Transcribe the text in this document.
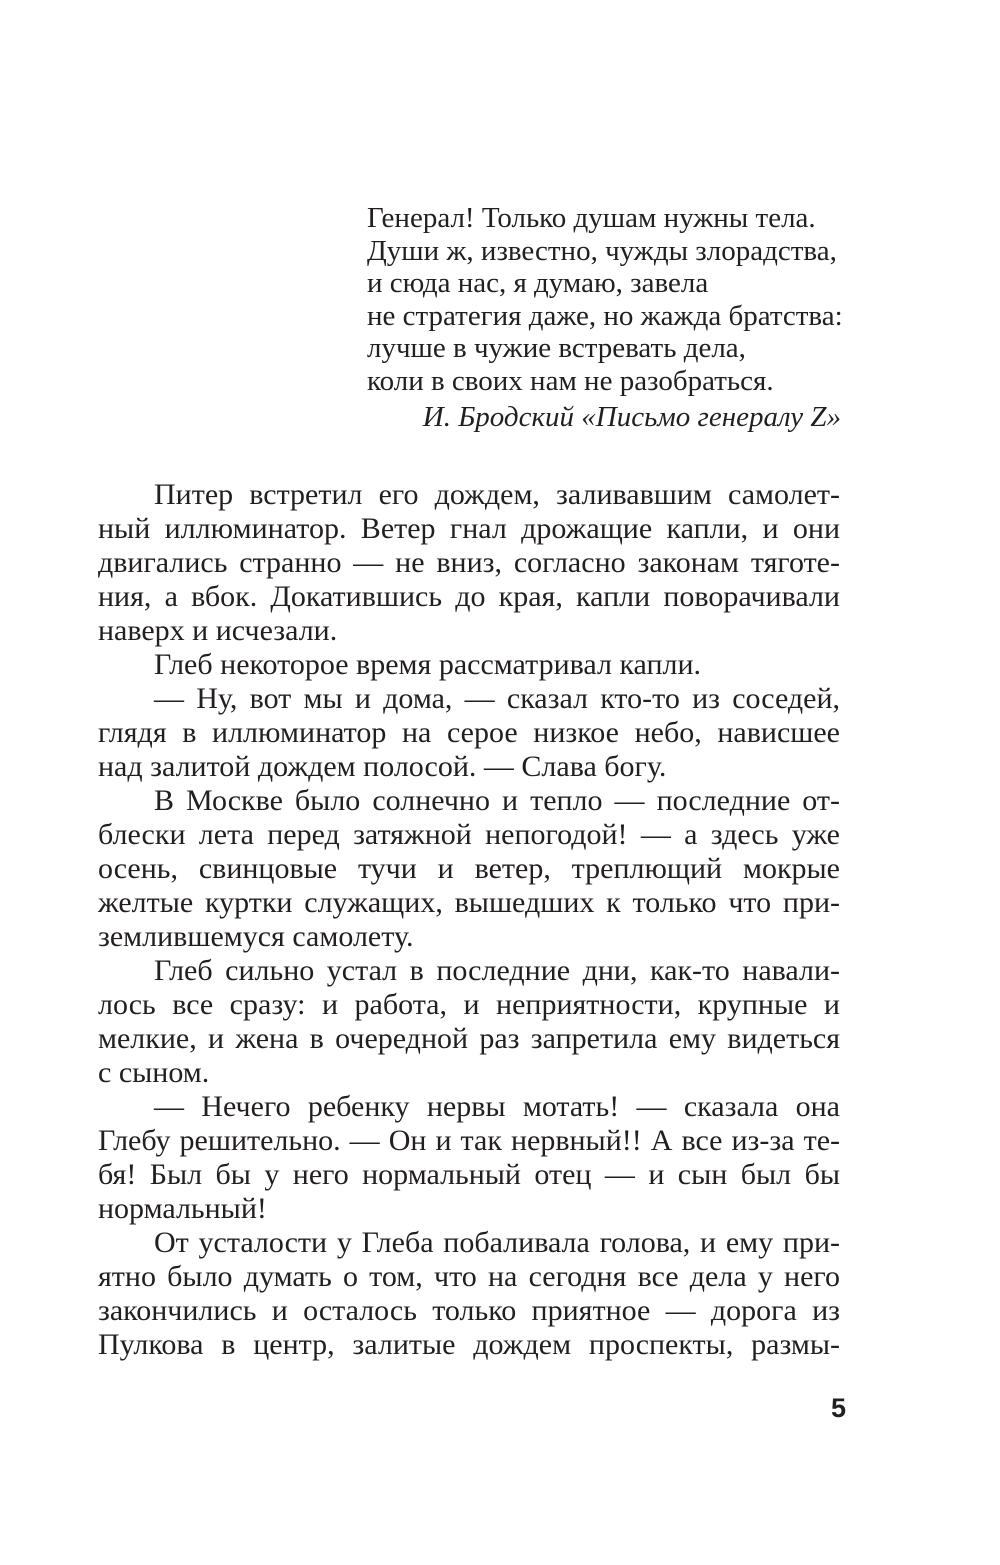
Генерал! Только душам нужны тела.
Души ж, известно, чужды злорадства,
и сюда нас, я думаю, завела
не стратегия даже, но жажда братства:
лучше в чужие встревать дела,
коли в своих нам не разобраться.
И. Бродский «Письмо генералу Z»
Питер встретил его дождем, заливавшим самолет-
ный иллюминатор. Ветер гнал дрожащие капли, и они
двигались странно — не вниз, согласно законам тяготе-
ния, а вбок. Докатившись до края, капли поворачивали
наверх и исчезали.
Глеб некоторое время рассматривал капли.
— Ну, вот мы и дома, — сказал кто-то из соседей,
глядя в иллюминатор на серое низкое небо, нависшее
над залитой дождем полосой. — Слава богу.
В Москве было солнечно и тепло — последние от-
блески лета перед затяжной непогодой! — а здесь уже
осень, свинцовые тучи и ветер, треплющий мокрые
желтые куртки служащих, вышедших к только что при-
землившемуся самолету.
Глеб сильно устал в последние дни, как-то навали-
лось все сразу: и работа, и неприятности, крупные и
мелкие, и жена в очередной раз запретила ему видеться
с сыном.
— Нечего ребенку нервы мотать! — сказала она
Глебу решительно. — Он и так нервный!! А все из-за те-
бя! Был бы у него нормальный отец — и сын был бы
нормальный!
От усталости у Глеба побаливала голова, и ему при-
ятно было думать о том, что на сегодня все дела у него
закончились и осталось только приятное — дорога из
Пулкова в центр, залитые дождем проспекты, размы-
5
